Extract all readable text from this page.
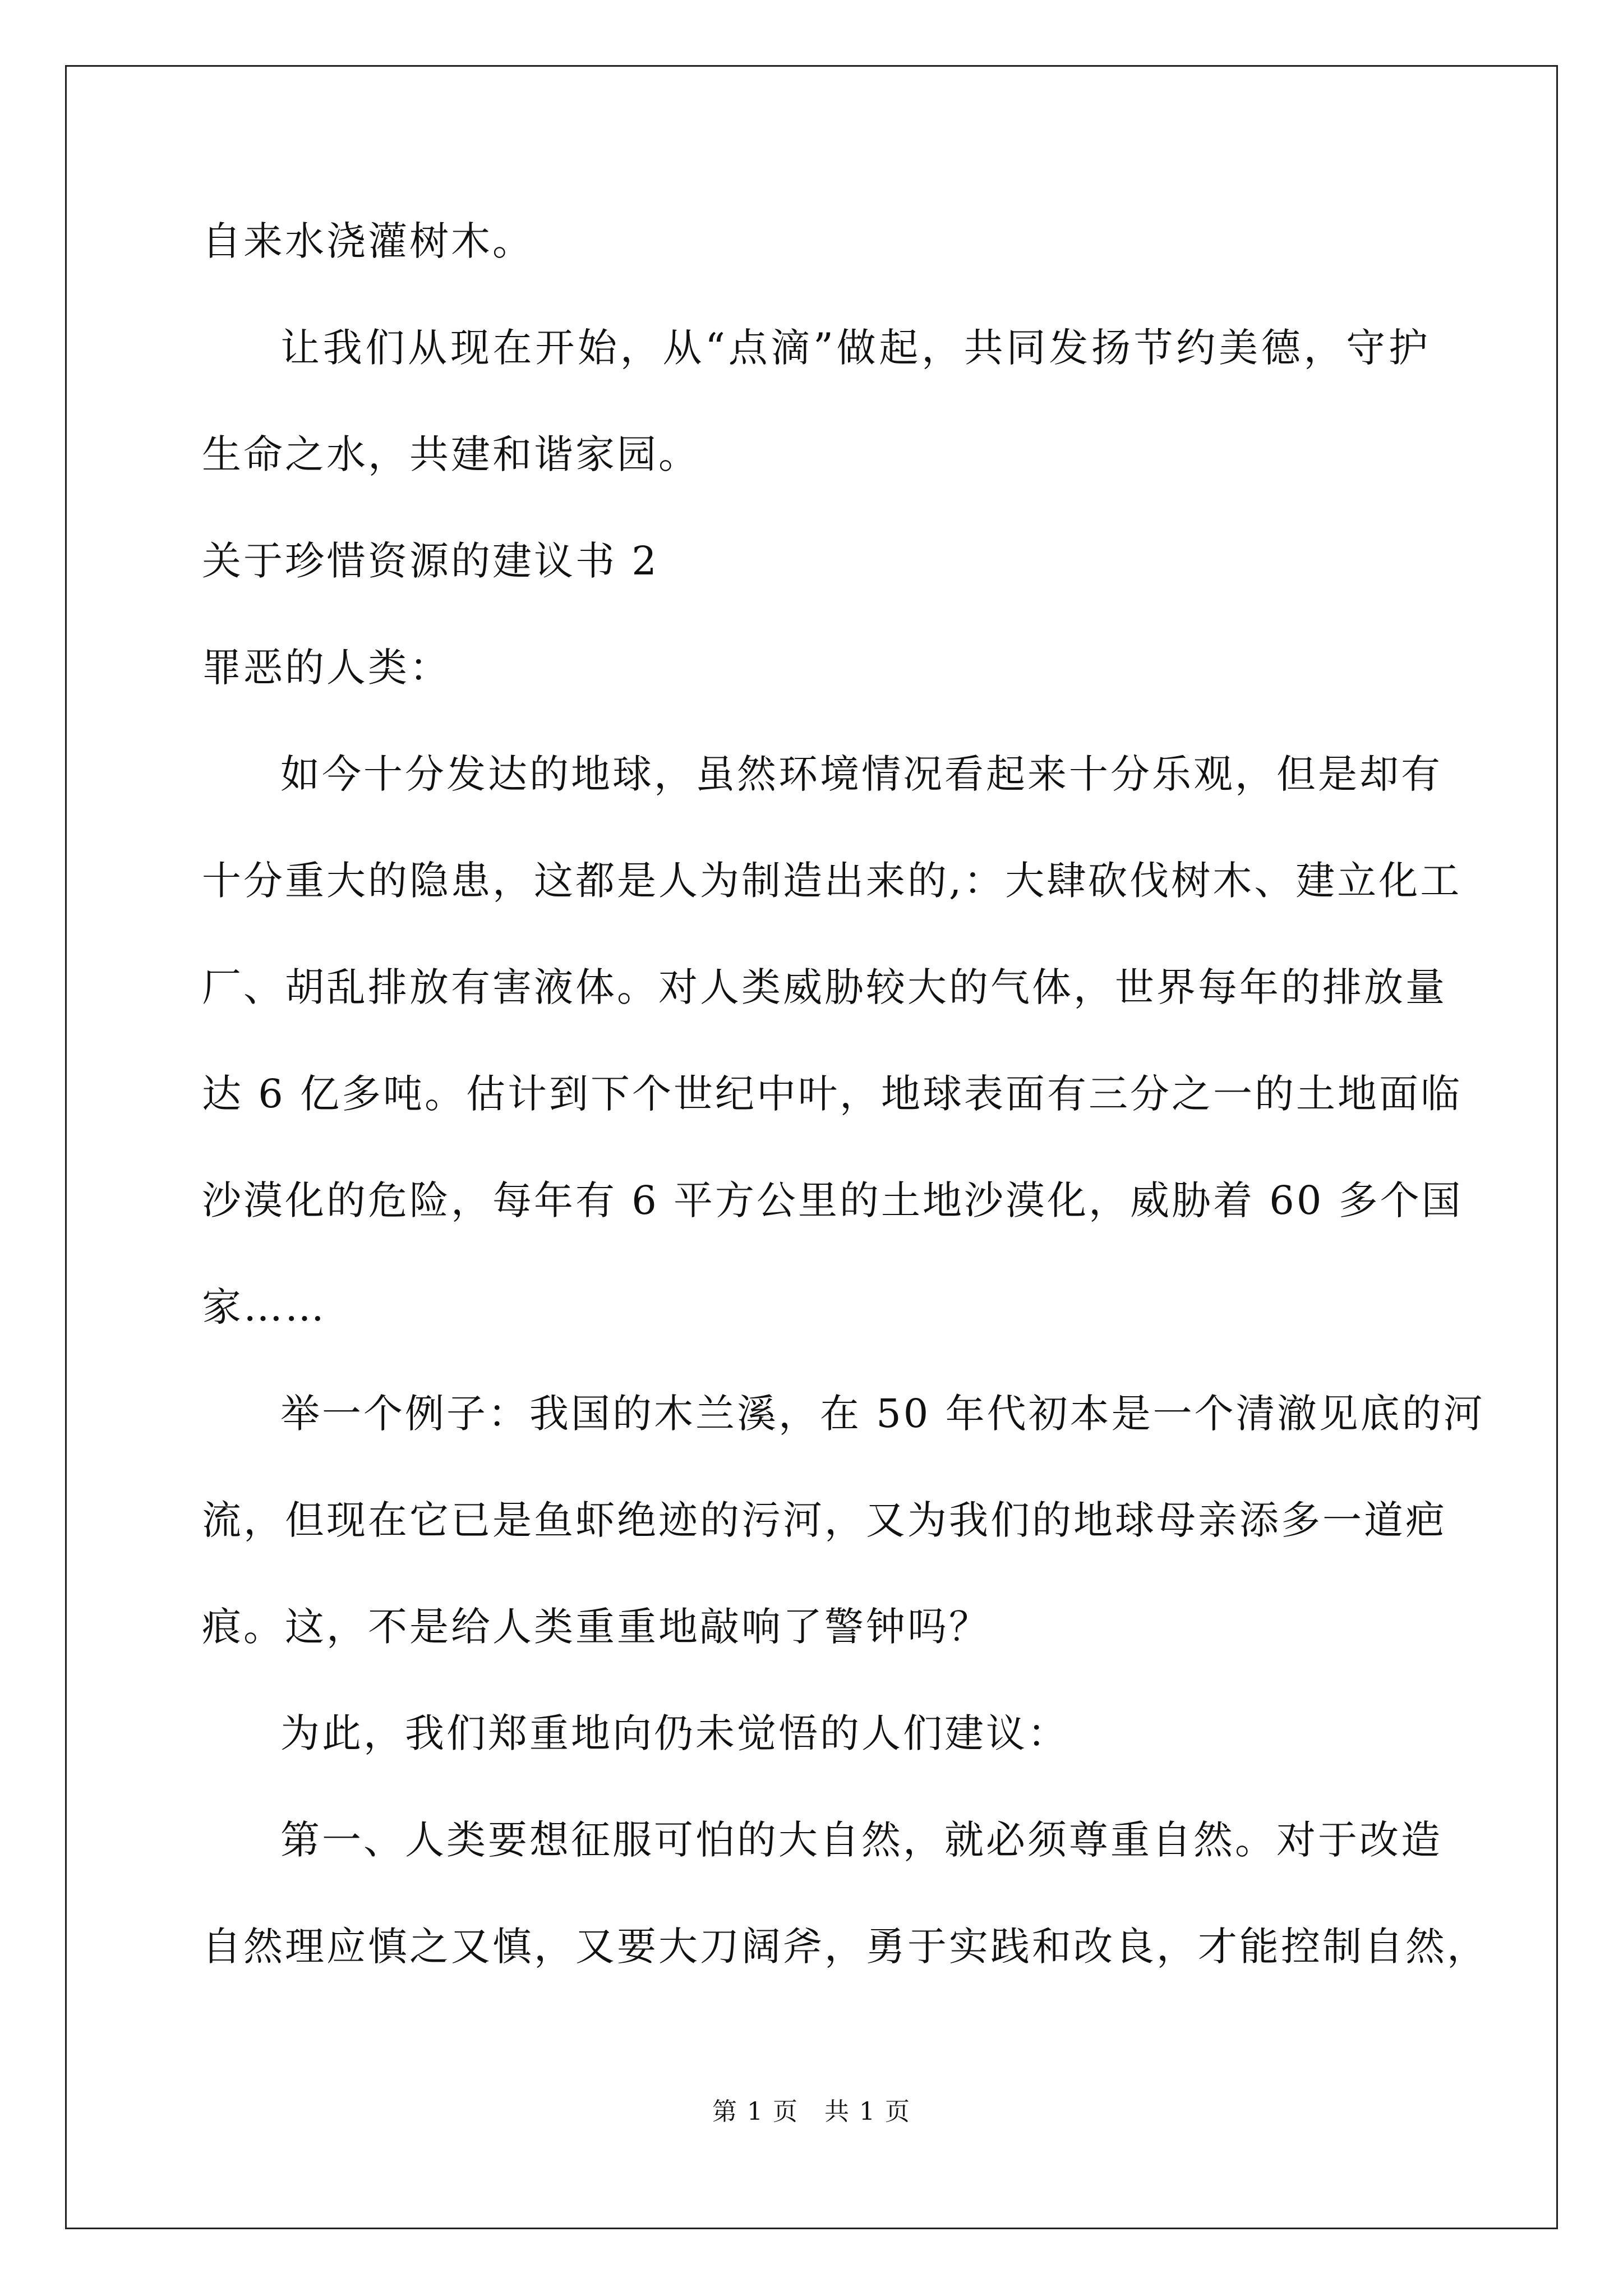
自来水浇灌树木。
让我们从现在开始，从“点滴”做起，共同发扬节约美德，守护
生命之水，共建和谐家园。
关于珍惜资源的建议书 2
罪恶的人类：
如今十分发达的地球，虽然环境情况看起来十分乐观，但是却有
十分重大的隐患，这都是人为制造出来的,：大肆砍伐树木、建立化工
厂、胡乱排放有害液体。对人类威胁较大的气体，世界每年的排放量
达 6 亿多吨。估计到下个世纪中叶，地球表面有三分之一的土地面临
沙漠化的危险，每年有 6 平方公里的土地沙漠化，威胁着 60 多个国
家……
举一个例子：我国的木兰溪，在 50 年代初本是一个清澈见底的河
流，但现在它已是鱼虾绝迹的污河，又为我们的地球母亲添多一道疤
痕。这，不是给人类重重地敲响了警钟吗？
为此，我们郑重地向仍未觉悟的人们建议：
第一、人类要想征服可怕的大自然，就必须尊重自然。对于改造
自然理应慎之又慎，又要大刀阔斧，勇于实践和改良，才能控制自然，
第 1 页　共 1 页
